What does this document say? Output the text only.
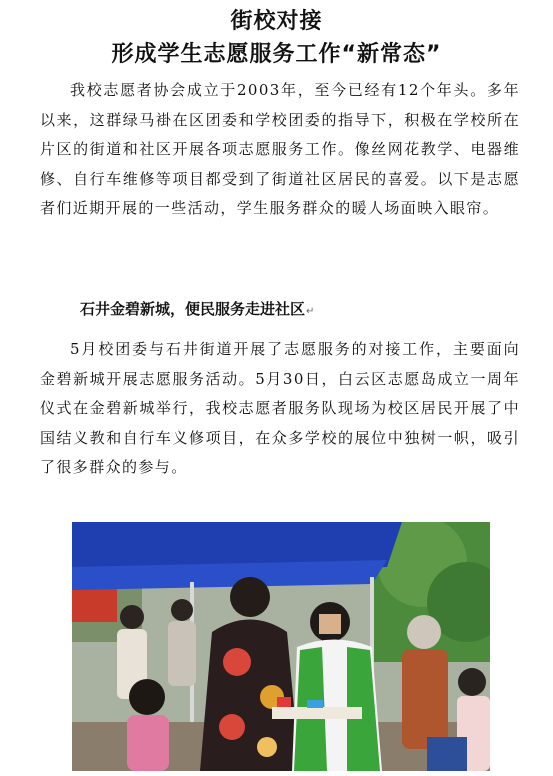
街校对接
形成学生志愿服务工作“新常态”
我校志愿者协会成立于2003年，至今已经有12个年头。多年以来，这群绿马褂在区团委和学校团委的指导下，积极在学校所在片区的街道和社区开展各项志愿服务工作。像丝网花教学、电器维修、自行车维修等项目都受到了街道社区居民的喜爱。以下是志愿者们近期开展的一些活动，学生服务群众的暖人场面映入眼帘。
石井金碧新城，便民服务走进社区↵
5月校团委与石井街道开展了志愿服务的对接工作，主要面向金碧新城开展志愿服务活动。5月30日，白云区志愿岛成立一周年仪式在金碧新城举行，我校志愿者服务队现场为校区居民开展了中国结义教和自行车义修项目，在众多学校的展位中独树一帜，吸引了很多群众的参与。
